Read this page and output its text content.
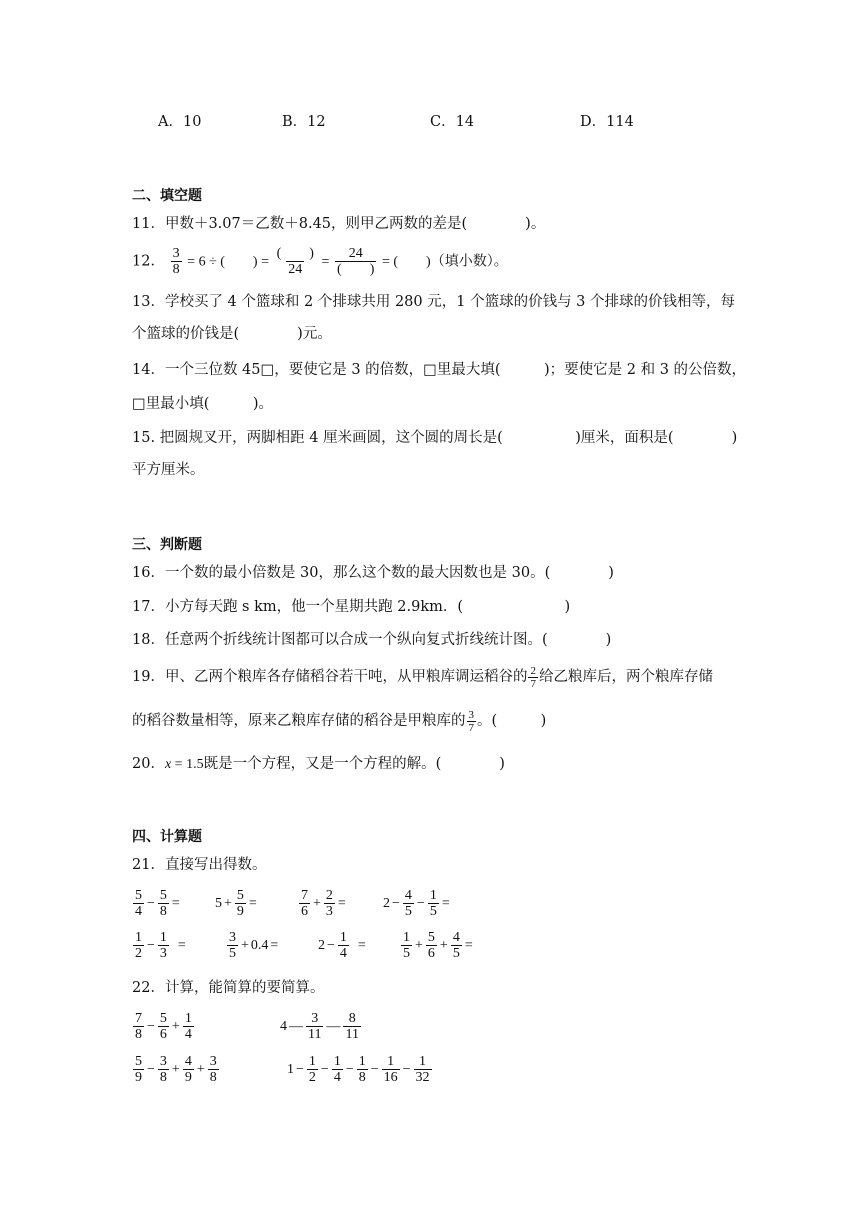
A．10	B．12	C．14	D．114
二、填空题
11．甲数＋3.07＝乙数＋8.45，则甲乙两数的差是(　　　　)。
12． $\frac{3}{8} = 6$ ÷ (　　) = $\frac{( )}{24} = \frac{24}{( )}$ = (　　)（填小数）。
13．学校买了 4 个篮球和 2 个排球共用 280 元，1 个篮球的价钱与 3 个排球的价钱相等，每
个篮球的价钱是(　　　　)元。
14．一个三位数 45□，要使它是 3 的倍数，□里最大填(　　　)；要使它是 2 和 3 的公倍数，
□里最小填(　　　)。
15. 把圆规叉开，两脚相距 4 厘米画圆，这个圆的周长是(　　　　　)厘米，面积是(　　　　)
平方厘米。
三、判断题
16．一个数的最小倍数是 30，那么这个数的最大因数也是 30。(　　　　)
17．小方每天跑 s km，他一个星期共跑 2.9km．(　　　　　　　)
18．任意两个折线统计图都可以合成一个纵向复式折线统计图。(　　　　)
19．甲、乙两个粮库各存储稻谷若干吨，从甲粮库调运稻谷的 $\frac{2}{7}$ 给乙粮库后，两个粮库存储
的稻谷数量相等，原来乙粮库存储的稻谷是甲粮库的 $\frac{3}{7}$ 。(　　　)
20．x = 1.5既是一个方程，又是一个方程的解。(　　　　)
四、计算题
21．直接写出得数。
$\frac{5}{4} - \frac{5}{8}$ =	$5 + \frac{5}{9}$ =	$\frac{7}{6} + \frac{2}{3}$ =	$2 - \frac{4}{5} - \frac{1}{5}$ =
$\frac{1}{2} - \frac{1}{3}$ =	$\frac{3}{5} + 0.4$ =	$2 - \frac{1}{4}$ =	$\frac{1}{5} + \frac{5}{6} + \frac{4}{5}$ =
22．计算，能简算的要简算。
$\frac{7}{8} - \frac{5}{6} + \frac{1}{4}$	4 — $\frac{3}{11}$ — $\frac{8}{11}$
$\frac{5}{9} - \frac{3}{8} + \frac{4}{9} + \frac{3}{8}$	$1 - \frac{1}{2} - \frac{1}{4} - \frac{1}{8} - \frac{1}{16} - \frac{1}{32}$
